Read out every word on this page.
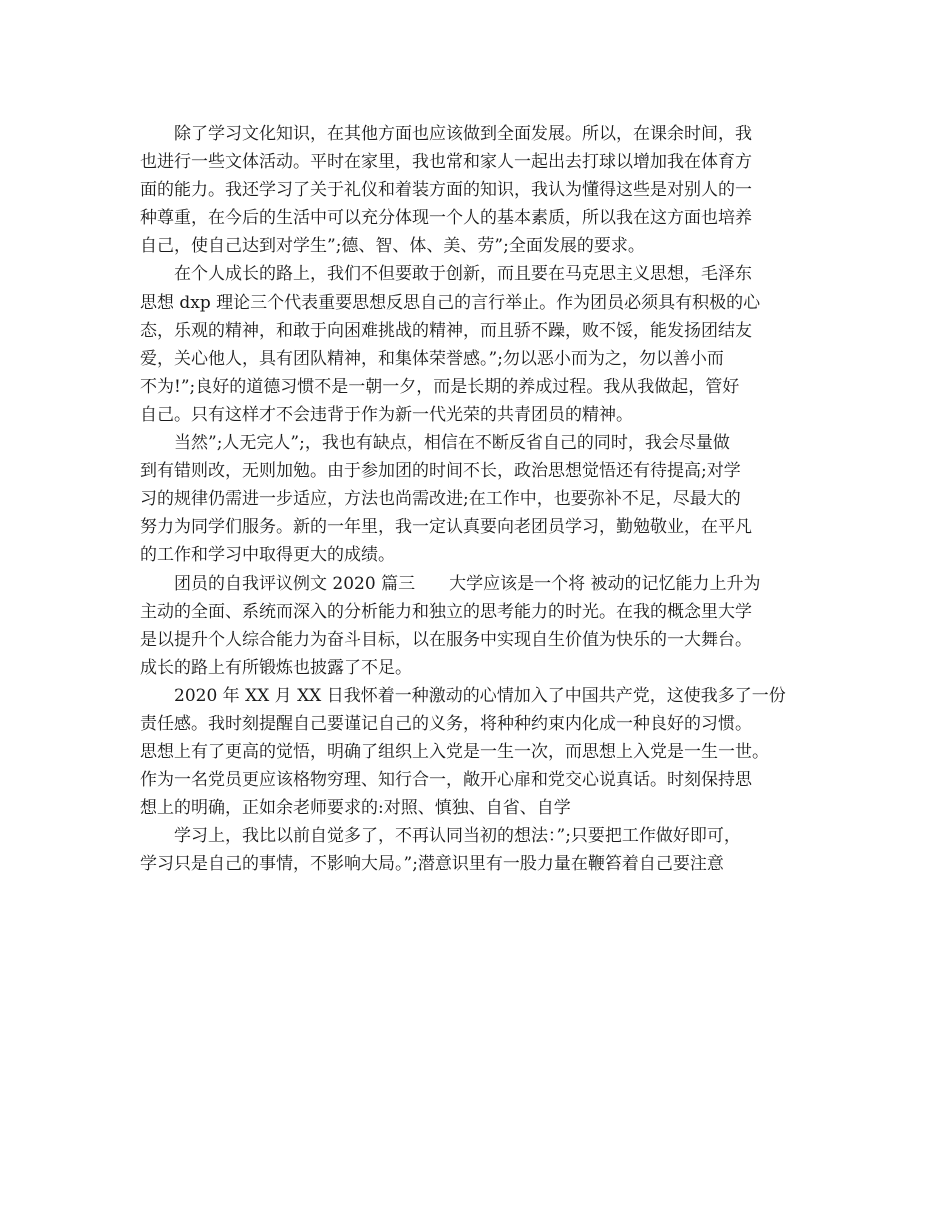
　　除了学习文化知识，在其他方面也应该做到全面发展。所以，在课余时间，我
也进行一些文体活动。平时在家里，我也常和家人一起出去打球以增加我在体育方
面的能力。我还学习了关于礼仪和着装方面的知识，我认为懂得这些是对别人的一
种尊重，在今后的生活中可以充分体现一个人的基本素质，所以我在这方面也培养
自己，使自己达到对学生”;德、智、体、美、劳”;全面发展的要求。
　　在个人成长的路上，我们不但要敢于创新，而且要在马克思主义思想，毛泽东
思想 dxp 理论三个代表重要思想反思自己的言行举止。作为团员必须具有积极的心
态，乐观的精神，和敢于向困难挑战的精神，而且骄不躁，败不馁，能发扬团结友
爱，关心他人，具有团队精神，和集体荣誉感。”;勿以恶小而为之，勿以善小而
不为!”;良好的道德习惯不是一朝一夕，而是长期的养成过程。我从我做起，管好
自己。只有这样才不会违背于作为新一代光荣的共青团员的精神。
　　当然”;人无完人”;，我也有缺点，相信在不断反省自己的同时，我会尽量做
到有错则改，无则加勉。由于参加团的时间不长，政治思想觉悟还有待提高;对学
习的规律仍需进一步适应，方法也尚需改进;在工作中，也要弥补不足，尽最大的
努力为同学们服务。新的一年里，我一定认真要向老团员学习，勤勉敬业，在平凡
的工作和学习中取得更大的成绩。
　　团员的自我评议例文 2020 篇三　　大学应该是一个将 被动的记忆能力上升为
主动的全面、系统而深入的分析能力和独立的思考能力的时光。在我的概念里大学
是以提升个人综合能力为奋斗目标，以在服务中实现自生价值为快乐的一大舞台。
成长的路上有所锻炼也披露了不足。
　　2020 年 XX 月 XX 日我怀着一种激动的心情加入了中国共产党，这使我多了一份
责任感。我时刻提醒自己要谨记自己的义务，将种种约束内化成一种良好的习惯。
思想上有了更高的觉悟，明确了组织上入党是一生一次，而思想上入党是一生一世。
作为一名党员更应该格物穷理、知行合一，敞开心扉和党交心说真话。时刻保持思
想上的明确，正如余老师要求的:对照、慎独、自省、自学
　　学习上，我比以前自觉多了，不再认同当初的想法：”;只要把工作做好即可，
学习只是自己的事情，不影响大局。”;潜意识里有一股力量在鞭笞着自己要注意
